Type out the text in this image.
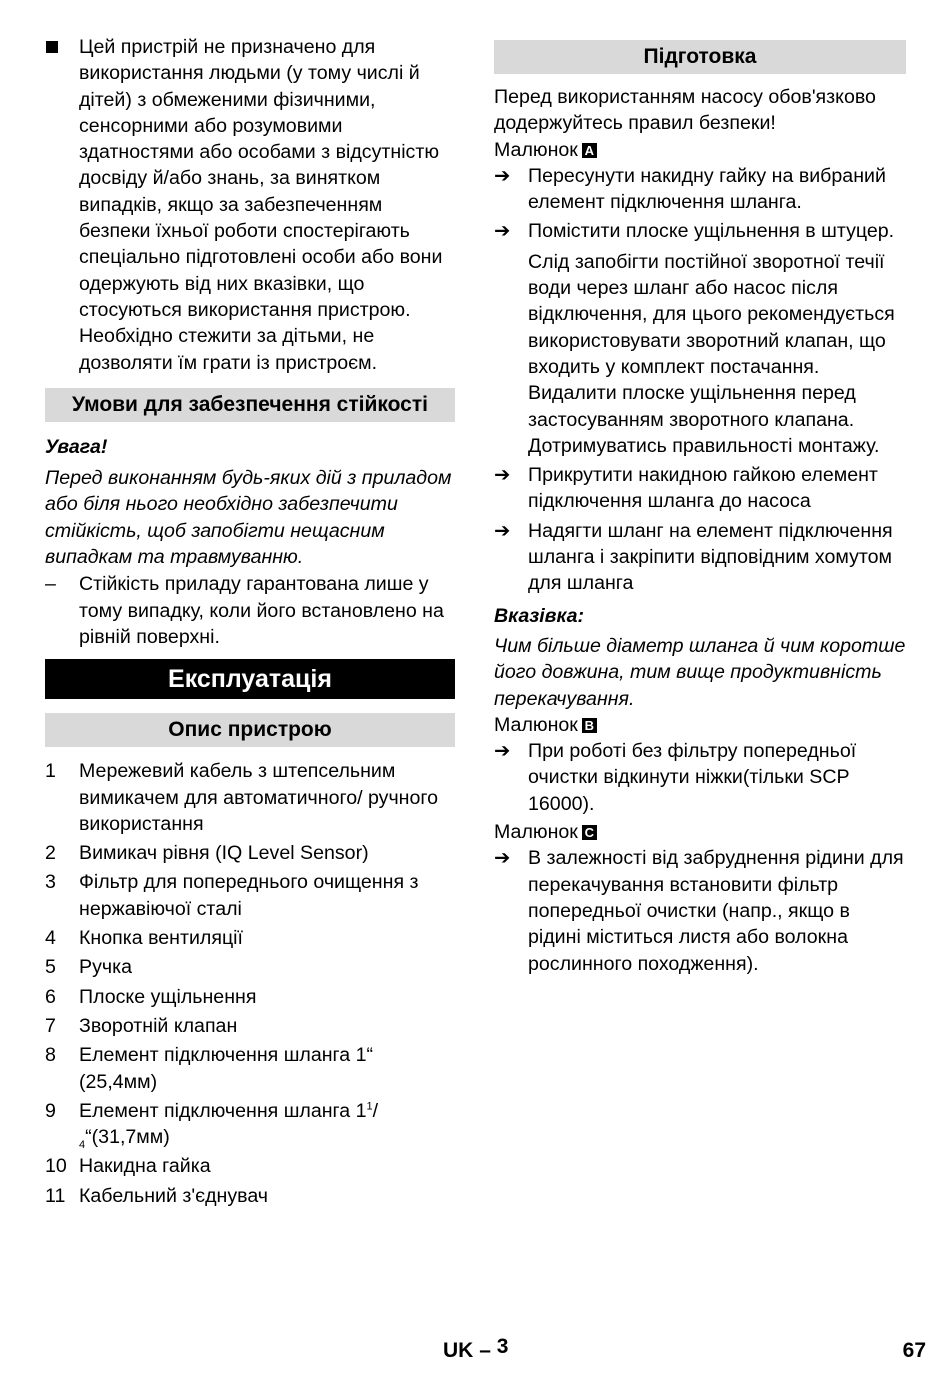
Цей пристрій не призначено для використання людьми (у тому числі й дітей) з обмеженими фізичними, сенсорними або розумовими здатностями або особами з відсутністю досвіду й/або знань, за винятком випадків, якщо за забезпеченням безпеки їхньої роботи спостерігають спеціально підготовлені особи або вони одержують від них вказівки, що стосуються використання пристрою. Необхідно стежити за дітьми, не дозволяти їм грати із пристроєм.
Умови для забезпечення стійкості
Увага!
Перед виконанням будь-яких дій з приладом або біля нього необхідно забезпечити стійкість, щоб запобігти нещасним випадкам та травмуванню.
–	Стійкість приладу гарантована лише у тому випадку, коли його встановлено на рівній поверхні.
Експлуатація
Опис пристрою
1	Мережевий кабель з штепсельним вимикачем для автоматичного/ ручного використання
2	Вимикач рівня (IQ Level Sensor)
3	Фільтр для попереднього очищення з нержавіючої сталі
4	Кнопка вентиляції
5	Ручка
6	Плоске ущільнення
7	Зворотній клапан
8	Елемент підключення шланга 1“ (25,4мм)
9	Елемент підключення шланга $1^1/$
$_4$“(31,7мм)
10 Накидна гайка
11 Кабельний з'єднувач
Підготовка
Перед використанням насосу обов'язково додержуйтесь правил безпеки!
Малюнок A
➔ Пересунути накидну гайку на вибраний елемент підключення шланга.
➔ Помістити плоске ущільнення в штуцер.
Слід запобігти постійної зворотної течії води через шланг або насос після відключення, для цього рекомендується використовувати зворотний клапан, що входить у комплект постачання. Видалити плоске ущільнення перед застосуванням зворотного клапана. Дотримуватись правильності монтажу.
➔ Прикрутити накидною гайкою елемент підключення шланга до насоса
➔ Надягти шланг на елемент підключення шланга і закріпити відповідним хомутом для шланга
Вказівка:
Чим більше діаметр шланга й чим коротше його довжина, тим вище продуктивність перекачування.
Малюнок B
➔ При роботі без фільтру попередньої очистки відкинути ніжки(тільки SCP 16000).
Малюнок C
➔ В залежності від забруднення рідини для перекачування встановити фільтр попередньої очистки (напр., якщо в рідині міститься листя або волокна рослинного походження).
UK – 3	67
